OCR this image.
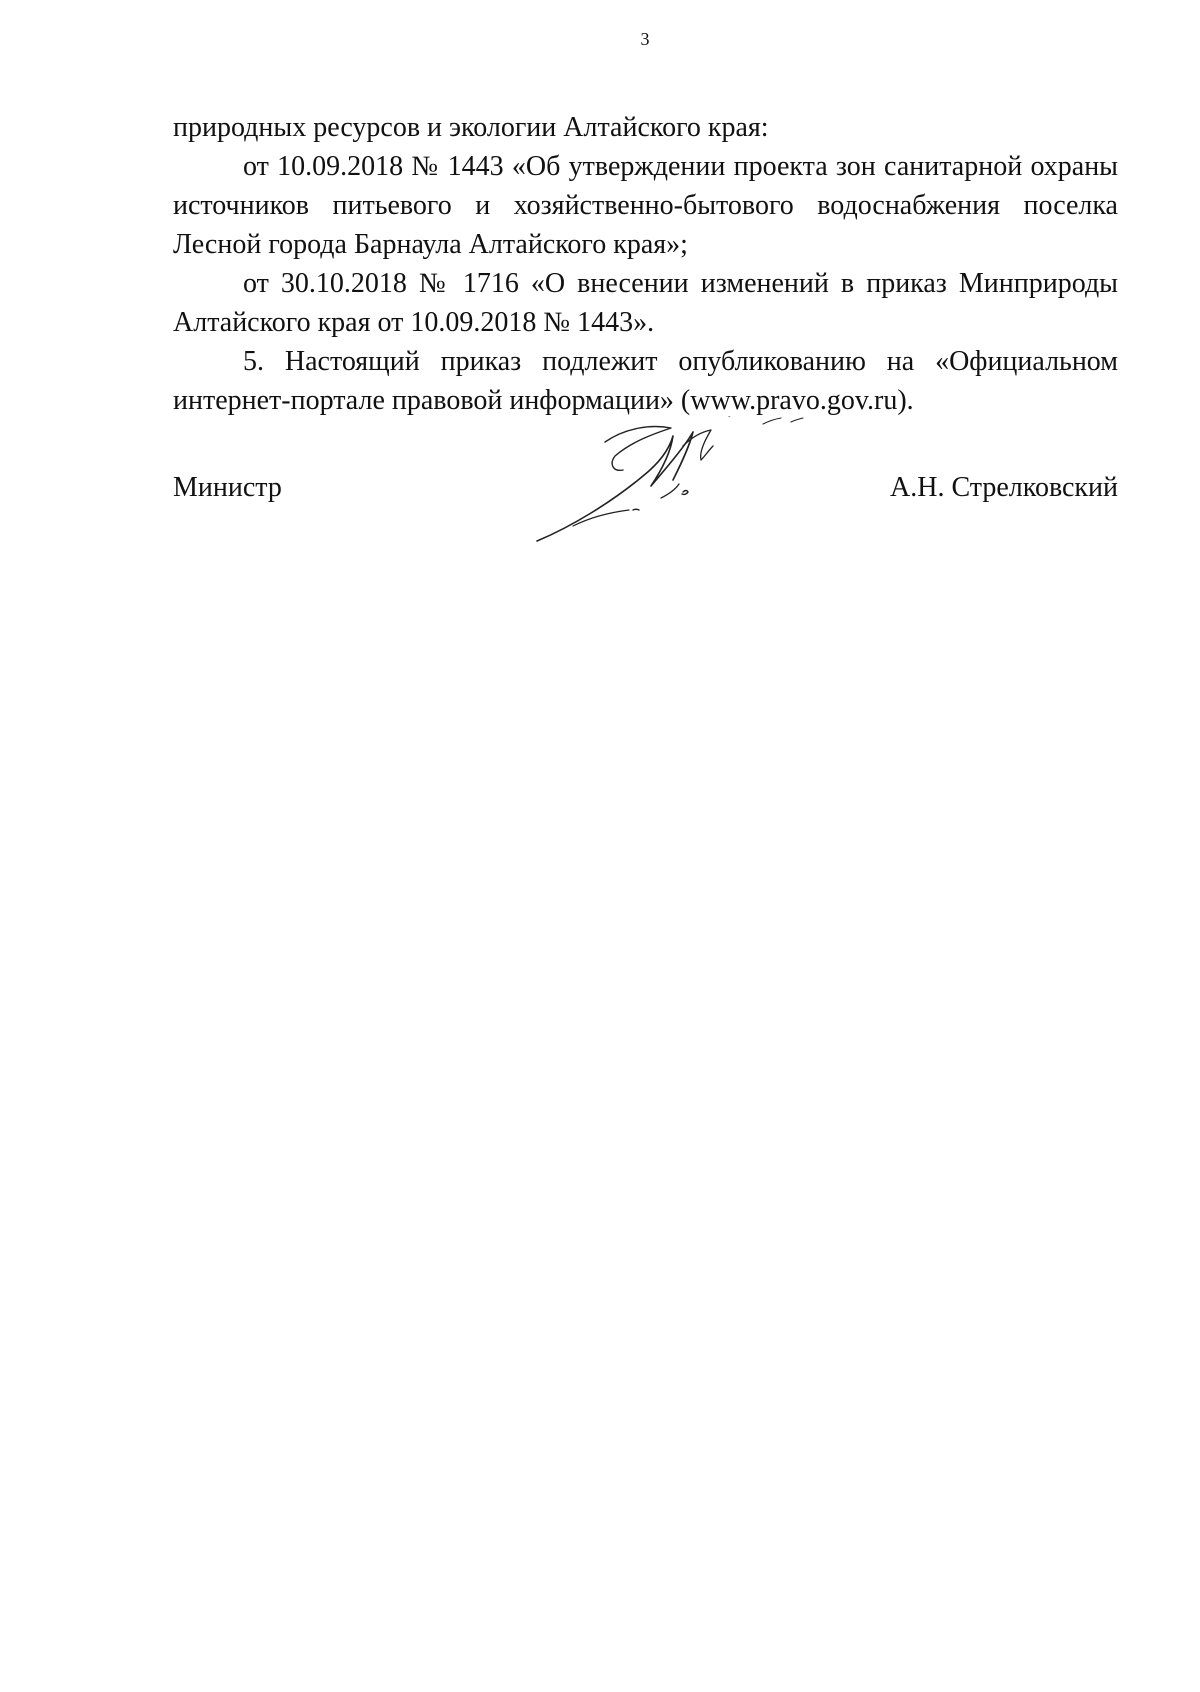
3

природных ресурсов и экологии Алтайского края:

от 10.09.2018 № 1443 «Об утверждении проекта зон санитарной охраны источников питьевого и хозяйственно-бытового водоснабжения поселка Лесной города Барнаула Алтайского края»;

от 30.10.2018 № 1716 «О внесении изменений в приказ Минприроды Алтайского края от 10.09.2018 № 1443».

5. Настоящий приказ подлежит опубликованию на «Официальном интернет-портале правовой информации» (www.pravo.gov.ru).

Министр	А.Н. Стрелковский
